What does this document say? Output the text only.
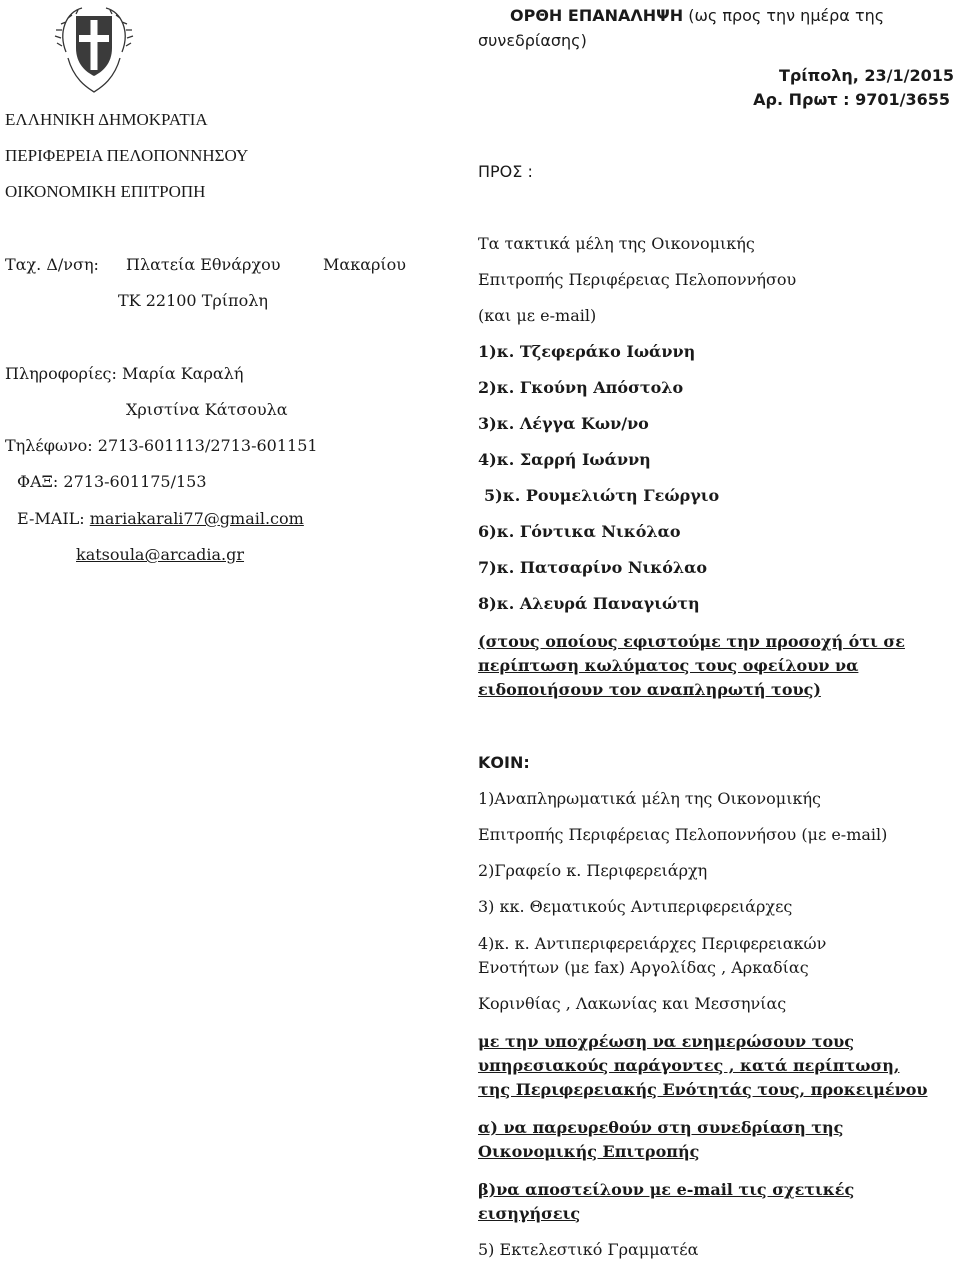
ΕΛΛΗΝΙΚΗ ΔΗΜΟΚΡΑΤΙΑ
ΠΕΡΙΦΕΡΕΙΑ ΠΕΛΟΠΟΝΝΗΣΟΥ
ΟΙΚΟΝΟΜΙΚΗ ΕΠΙΤΡΟΠΗ
ΟΡΘΗ ΕΠΑΝΑΛΗΨΗ (ως προς την ημέρα της
συνεδρίασης)
Τρίπολη, 23/1/2015
Αρ. Πρωτ : 9701/3655
Ταχ. Δ/νση: Πλατεία Εθνάρχου	Μακαρίου
ΤΚ 22100 Τρίπολη
Πληροφορίες: Μαρία Καραλή
Χριστίνα Κάτσουλα
Τηλέφωνο: 2713-601113/2713-601151
ΦΑΞ: 2713-601175/153
E-MAIL: mariakarali77@gmail.com
katsoula@arcadia.gr
ΠΡΟΣ :
Τα τακτικά μέλη της Οικονομικής
Επιτροπής Περιφέρειας Πελοποννήσου
(και με e-mail)
1)κ. Τζεφεράκο Ιωάννη
2)κ. Γκούνη Απόστολο
3)κ. Λέγγα Κων/νο
4)κ. Σαρρή Ιωάννη
5)κ. Ρουμελιώτη Γεώργιο
6)κ. Γόντικα Νικόλαο
7)κ. Πατσαρίνο Νικόλαο
8)κ. Αλευρά Παναγιώτη
(στους οποίους εφιστούμε την προσοχή ότι σε
περίπτωση κωλύματος τους οφείλουν να
ειδοποιήσουν τον αναπληρωτή τους)
ΚΟΙΝ:
1)Αναπληρωματικά μέλη της Οικονομικής
Επιτροπής Περιφέρειας Πελοποννήσου (με e-mail)
2)Γραφείο κ. Περιφερειάρχη
3) κκ. Θεματικούς Αντιπεριφερειάρχες
4)κ. κ. Αντιπεριφερειάρχες Περιφερειακών
Ενοτήτων (με fax) Αργολίδας , Αρκαδίας
Κορινθίας , Λακωνίας και Μεσσηνίας
με την υποχρέωση να ενημερώσουν τους
υπηρεσιακούς παράγοντες , κατά περίπτωση,
της Περιφερειακής Ενότητάς τους, προκειμένου
α) να παρευρεθούν στη συνεδρίαση της
Οικονομικής Επιτροπής
β)να αποστείλουν με e-mail τις σχετικές
εισηγήσεις
5) Εκτελεστικό Γραμματέα
